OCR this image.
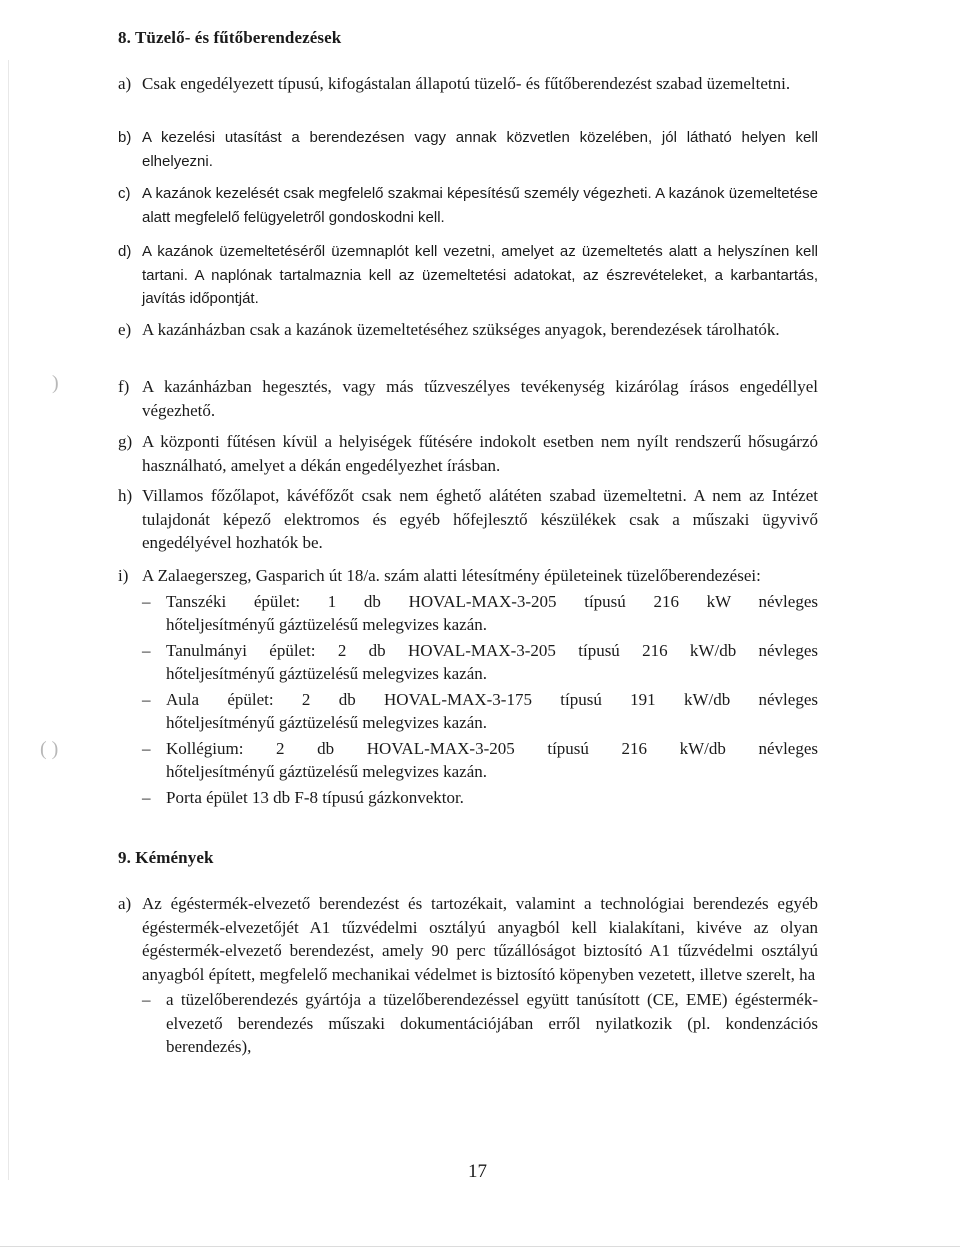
)
( )
8. Tüzelő- és fűtőberendezések
a) Csak engedélyezett típusú, kifogástalan állapotú tüzelő- és fűtőberendezést szabad üzemeltetni.
b) A kezelési utasítást a berendezésen vagy annak közvetlen közelében, jól látható helyen kell elhelyezni.
c) A kazánok kezelését csak megfelelő szakmai képesítésű személy végezheti. A kazánok üzemeltetése alatt megfelelő felügyeletről gondoskodni kell.
d) A kazánok üzemeltetéséről üzemnaplót kell vezetni, amelyet az üzemeltetés alatt a helyszínen kell tartani. A naplónak tartalmaznia kell az üzemeltetési adatokat, az észrevételeket, a karbantartás, javítás időpontját.
e) A kazánházban csak a kazánok üzemeltetéséhez szükséges anyagok, berendezések tárolhatók.
f) A kazánházban hegesztés, vagy más tűzveszélyes tevékenység kizárólag írásos engedéllyel végezhető.
g) A központi fűtésen kívül a helyiségek fűtésére indokolt esetben nem nyílt rendszerű hősugárzó használható, amelyet a dékán engedélyezhet írásban.
h) Villamos főzőlapot, kávéfőzőt csak nem éghető alátéten szabad üzemeltetni. A nem az Intézet tulajdonát képező elektromos és egyéb hőfejlesztő készülékek csak a műszaki ügyvivő engedélyével hozhatók be.
i) A Zalaegerszeg, Gasparich út 18/a. szám alatti létesítmény épületeinek tüzelőberendezései:
– Tanszéki épület: 1 db HOVAL-MAX-3-205 típusú 216 kW névleges
hőteljesítményű gáztüzelésű melegvizes kazán.
– Tanulmányi épület: 2 db HOVAL-MAX-3-205 típusú 216 kW/db névleges
hőteljesítményű gáztüzelésű melegvizes kazán.
– Aula épület: 2 db HOVAL-MAX-3-175 típusú 191 kW/db névleges
hőteljesítményű gáztüzelésű melegvizes kazán.
– Kollégium: 2 db HOVAL-MAX-3-205 típusú 216 kW/db névleges
hőteljesítményű gáztüzelésű melegvizes kazán.
– Porta épület 13 db F-8 típusú gázkonvektor.
9. Kémények
a) Az égéstermék-elvezető berendezést és tartozékait, valamint a technológiai berendezés egyéb égéstermék-elvezetőjét A1 tűzvédelmi osztályú anyagból kell kialakítani, kivéve az olyan égéstermék-elvezető berendezést, amely 90 perc tűzállóságot biztosító A1 tűzvédelmi osztályú anyagból épített, megfelelő mechanikai védelmet is biztosító köpenyben vezetett, illetve szerelt, ha
– a tüzelőberendezés gyártója a tüzelőberendezéssel együtt tanúsított (CE, EME) égéstermék-elvezető berendezés műszaki dokumentációjában erről nyilatkozik (pl. kondenzációs berendezés),
17
